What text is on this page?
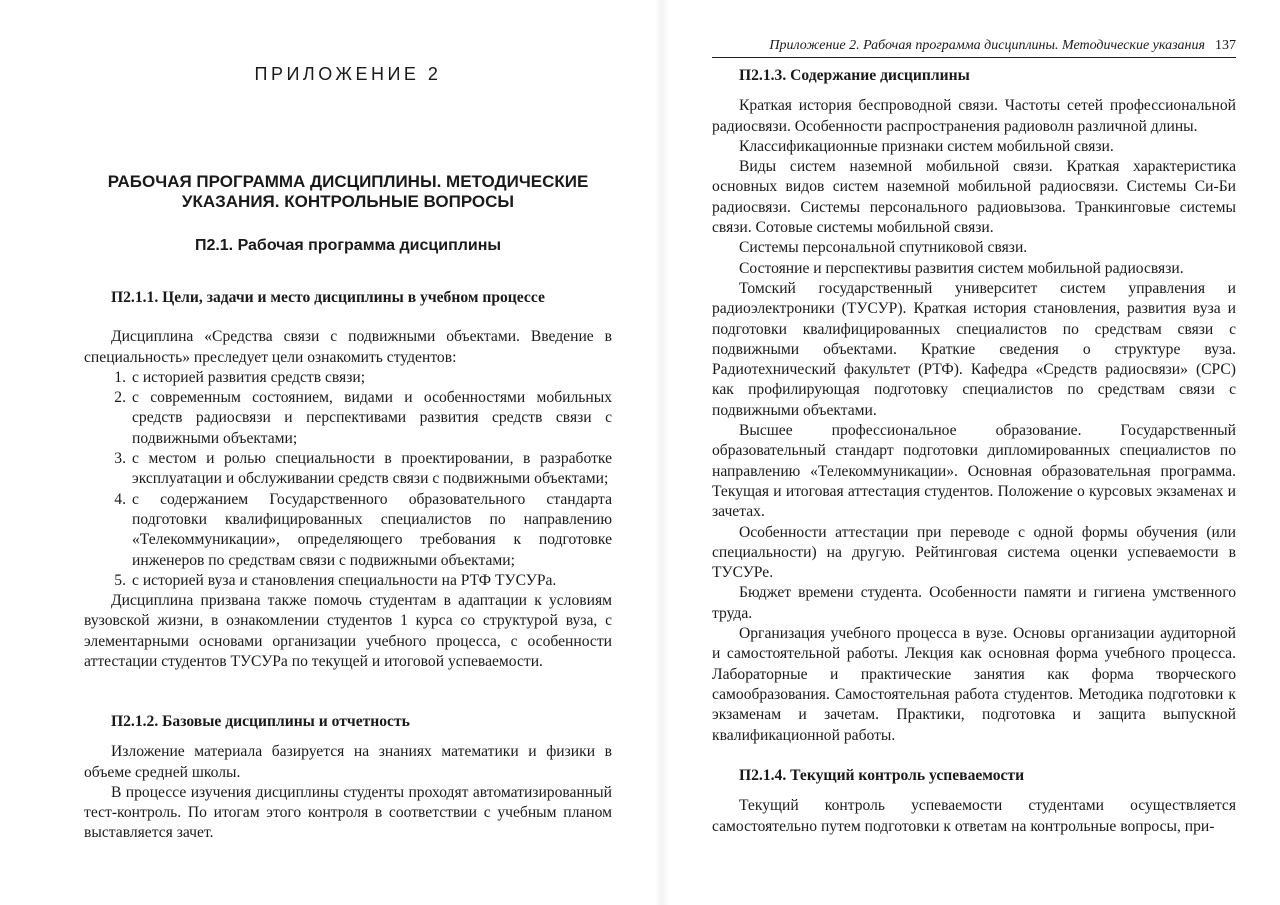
ПРИЛОЖЕНИЕ 2
РАБОЧАЯ ПРОГРАММА ДИСЦИПЛИНЫ. МЕТОДИЧЕСКИЕ
УКАЗАНИЯ. КОНТРОЛЬНЫЕ ВОПРОСЫ
П2.1. Рабочая программа дисциплины

П2.1.1. Цели, задачи и место дисциплины в учебном процессе

Дисциплина «Средства связи с подвижными объектами. Введение в специальность» преследует цели ознакомить студентов:

1. с историей развития средств связи;
2. с современным состоянием, видами и особенностями мобильных средств радиосвязи и перспективами развития средств связи с подвижными объектами;
3. с местом и ролью специальности в проектировании, в разработке эксплуатации и обслуживании средств связи с подвижными объектами;
4. с содержанием Государственного образовательного стандарта подготовки квалифицированных специалистов по направлению «Телекоммуникации», определяющего требования к подготовке инженеров по средствам связи с подвижными объектами;
5. с историей вуза и становления специальности на РТФ ТУСУРа.

Дисциплина призвана также помочь студентам в адаптации к условиям вузовской жизни, в ознакомлении студентов 1 курса со структурой вуза, с элементарными основами организации учебного процесса, с особенности аттестации студентов ТУСУРа по текущей и итоговой успеваемости.

П2.1.2. Базовые дисциплины и отчетность

Изложение материала базируется на знаниях математики и физики в объеме средней школы.

В процессе изучения дисциплины студенты проходят автоматизированный тест-контроль. По итогам этого контроля в соответствии с учебным планом выставляется зачет.

Приложение 2. Рабочая программа дисциплины. Методические указания 137

П2.1.3. Содержание дисциплины

Краткая история беспроводной связи. Частоты сетей профессиональной радиосвязи. Особенности распространения радиоволн различной длины.

Классификационные признаки систем мобильной связи.

Виды систем наземной мобильной связи. Краткая характеристика основных видов систем наземной мобильной радиосвязи. Системы Си-Би радиосвязи. Системы персонального радиовызова. Транкинговые системы связи. Сотовые системы мобильной связи.

Системы персональной спутниковой связи.

Состояние и перспективы развития систем мобильной радиосвязи.

Томский государственный университет систем управления и радиоэлектроники (ТУСУР). Краткая история становления, развития вуза и подготовки квалифицированных специалистов по средствам связи с подвижными объектами. Краткие сведения о структуре вуза. Радиотехнический факультет (РТФ). Кафедра «Средств радиосвязи» (СРС) как профилирующая подготовку специалистов по средствам связи с подвижными объектами.

Высшее профессиональное образование. Государственный образовательный стандарт подготовки дипломированных специалистов по направлению «Телекоммуникации». Основная образовательная программа. Текущая и итоговая аттестация студентов. Положение о курсовых экзаменах и зачетах.

Особенности аттестации при переводе с одной формы обучения (или специальности) на другую. Рейтинговая система оценки успеваемости в ТУСУРе.

Бюджет времени студента. Особенности памяти и гигиена умственного труда.

Организация учебного процесса в вузе. Основы организации аудиторной и самостоятельной работы. Лекция как основная форма учебного процесса. Лабораторные и практические занятия как форма творческого самообразования. Самостоятельная работа студентов. Методика подготовки к экзаменам и зачетам. Практики, подготовка и защита выпускной квалификационной работы.

П2.1.4. Текущий контроль успеваемости

Текущий контроль успеваемости студентами осуществляется самостоятельно путем подготовки к ответам на контрольные вопросы, при-
